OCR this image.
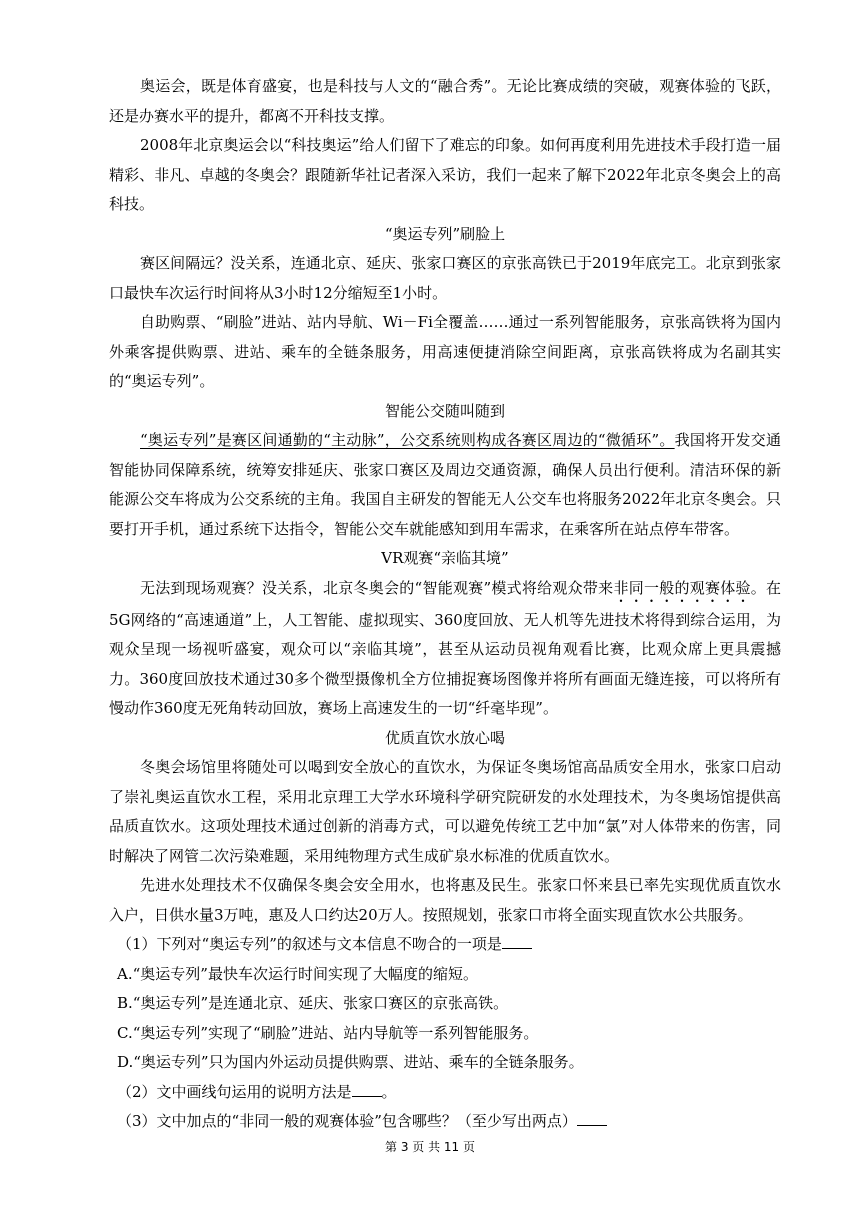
奥运会，既是体育盛宴，也是科技与人文的“融合秀”。无论比赛成绩的突破，观赛体验的飞跃，还是办赛水平的提升，都离不开科技支撑。

2008年北京奥运会以“科技奥运”给人们留下了难忘的印象。如何再度利用先进技术手段打造一届精彩、非凡、卓越的冬奥会？跟随新华社记者深入采访，我们一起来了解下2022年北京冬奥会上的高科技。

“奥运专列”刷脸上

赛区间隔远？没关系，连通北京、延庆、张家口赛区的京张高铁已于2019年底完工。北京到张家口最快车次运行时间将从3小时12分缩短至1小时。

自助购票、“刷脸”进站、站内导航、Wi－Fi全覆盖……通过一系列智能服务，京张高铁将为国内外乘客提供购票、进站、乘车的全链条服务，用高速便捷消除空间距离，京张高铁将成为名副其实的“奥运专列”。

智能公交随叫随到

“奥运专列”是赛区间通勤的“主动脉”，公交系统则构成各赛区周边的“微循环”。我国将开发交通智能协同保障系统，统筹安排延庆、张家口赛区及周边交通资源，确保人员出行便利。清洁环保的新能源公交车将成为公交系统的主角。我国自主研发的智能无人公交车也将服务2022年北京冬奥会。只要打开手机，通过系统下达指令，智能公交车就能感知到用车需求，在乘客所在站点停车带客。

VR观赛“亲临其境”

无法到现场观赛？没关系，北京冬奥会的“智能观赛”模式将给观众带来非同一般的观赛体验。在5G网络的“高速通道”上，人工智能、虚拟现实、360度回放、无人机等先进技术将得到综合运用，为观众呈现一场视听盛宴，观众可以“亲临其境”，甚至从运动员视角观看比赛，比观众席上更具震撼力。360度回放技术通过30多个微型摄像机全方位捕捉赛场图像并将所有画面无缝连接，可以将所有慢动作360度无死角转动回放，赛场上高速发生的一切“纤毫毕现”。

优质直饮水放心喝

冬奥会场馆里将随处可以喝到安全放心的直饮水，为保证冬奥场馆高品质安全用水，张家口启动了崇礼奥运直饮水工程，采用北京理工大学水环境科学研究院研发的水处理技术，为冬奥场馆提供高品质直饮水。这项处理技术通过创新的消毒方式，可以避免传统工艺中加“氯”对人体带来的伤害，同时解决了网管二次污染难题，采用纯物理方式生成矿泉水标准的优质直饮水。

先进水处理技术不仅确保冬奥会安全用水，也将惠及民生。张家口怀来县已率先实现优质直饮水入户，日供水量3万吨，惠及人口约达20万人。按照规划，张家口市将全面实现直饮水公共服务。

（1）下列对“奥运专列”的叙述与文本信息不吻合的一项是

A.“奥运专列”最快车次运行时间实现了大幅度的缩短。

B.“奥运专列”是连通北京、延庆、张家口赛区的京张高铁。

C.“奥运专列”实现了“刷脸”进站、站内导航等一系列智能服务。

D.“奥运专列”只为国内外运动员提供购票、进站、乘车的全链条服务。

（2）文中画线句运用的说明方法是 。

（3）文中加点的“非同一般的观赛体验”包含哪些？（至少写出两点）

第 3 页 共 11 页
